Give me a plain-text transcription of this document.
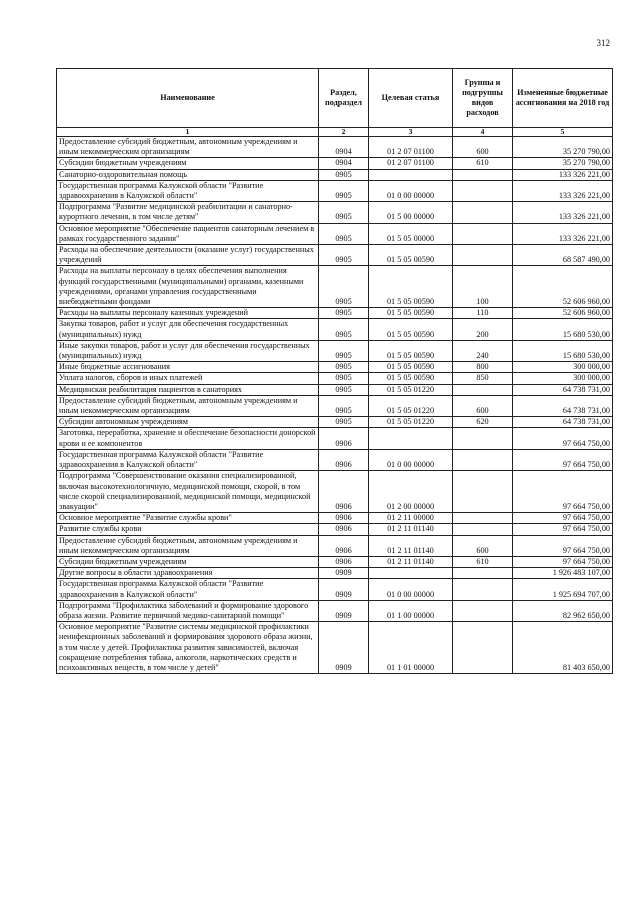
312
Наименование	Раздел, подраздел	Целевая статья	Группы и подгруппы видов расходов	Измененные бюджетные ассигнования на 2018 год
1	2	3	4	5
Предоставление субсидий бюджетным, автономным учреждениям и иным некоммерческим организациям	0904	01 2 07 01100	600	35 270 790,00
Субсидии бюджетным учреждениям	0904	01 2 07 01100	610	35 270 790,00
Санаторно-оздоровительная помощь	0905			133 326 221,00
Государственная программа Калужской области "Развитие здравоохранения в Калужской области"	0905	01 0 00 00000		133 326 221,00
Подпрограмма "Развитие медицинской реабилитации и санаторно-курортного лечения, в том числе детям"	0905	01 5 00 00000		133 326 221,00
Основное мероприятие "Обеспечение пациентов санаторным лечением в рамках государственного задания"	0905	01 5 05 00000		133 326 221,00
Расходы на обеспечение деятельности (оказание услуг) государственных учреждений	0905	01 5 05 00590		68 587 490,00
Расходы на выплаты персоналу в целях обеспечения выполнения функций государственными (муниципальными) органами, казенными учреждениями, органами управления государственными внебюджетными фондами	0905	01 5 05 00590	100	52 606 960,00
Расходы на выплаты персоналу казенных учреждений	0905	01 5 05 00590	110	52 606 960,00
Закупка товаров, работ и услуг для обеспечения государственных (муниципальных) нужд	0905	01 5 05 00590	200	15 680 530,00
Иные закупки товаров, работ и услуг для обеспечения государственных (муниципальных) нужд	0905	01 5 05 00590	240	15 680 530,00
Иные бюджетные ассигнования	0905	01 5 05 00590	800	300 000,00
Уплата налогов, сборов и иных платежей	0905	01 5 05 00590	850	300 000,00
Медицинская реабилитация пациентов в санаториях	0905	01 5 05 01220		64 738 731,00
Предоставление субсидий бюджетным, автономным учреждениям и иным некоммерческим организациям	0905	01 5 05 01220	600	64 738 731,00
Субсидии автономным учреждениям	0905	01 5 05 01220	620	64 738 731,00
Заготовка, переработка, хранение и обеспечение безопасности донорской крови и ее компонентов	0906			97 664 750,00
Государственная программа Калужской области "Развитие здравоохранения в Калужской области"	0906	01 0 00 00000		97 664 750,00
Подпрограмма "Совершенствование оказания специализированной, включая высокотехнологичную, медицинской помощи, скорой, в том числе скорой специализированной, медицинской помощи, медицинской эвакуации"	0906	01 2 00 00000		97 664 750,00
Основное мероприятие "Развитие службы крови"	0906	01 2 11 00000		97 664 750,00
Развитие службы крови	0906	01 2 11 01140		97 664 750,00
Предоставление субсидий бюджетным, автономным учреждениям и иным некоммерческим организациям	0906	01 2 11 01140	600	97 664 750,00
Субсидии бюджетным учреждениям	0906	01 2 11 01140	610	97 664 750,00
Другие вопросы в области здравоохранения	0909			1 926 483 107,00
Государственная программа Калужской области "Развитие здравоохранения в Калужской области"	0909	01 0 00 00000		1 925 694 707,00
Подпрограмма "Профилактика заболеваний и формирование здорового образа жизни. Развитие первичной медико-санитарной помощи"	0909	01 1 00 00000		82 962 650,00
Основное мероприятие "Развитие системы медицинской профилактики неинфекционных заболеваний и формирования здорового образа жизни, в том числе у детей. Профилактика развития зависимостей, включая сокращение потребления табака, алкоголя, наркотических средств и психоактивных веществ, в том числе у детей"	0909	01 1 01 00000		81 403 650,00
